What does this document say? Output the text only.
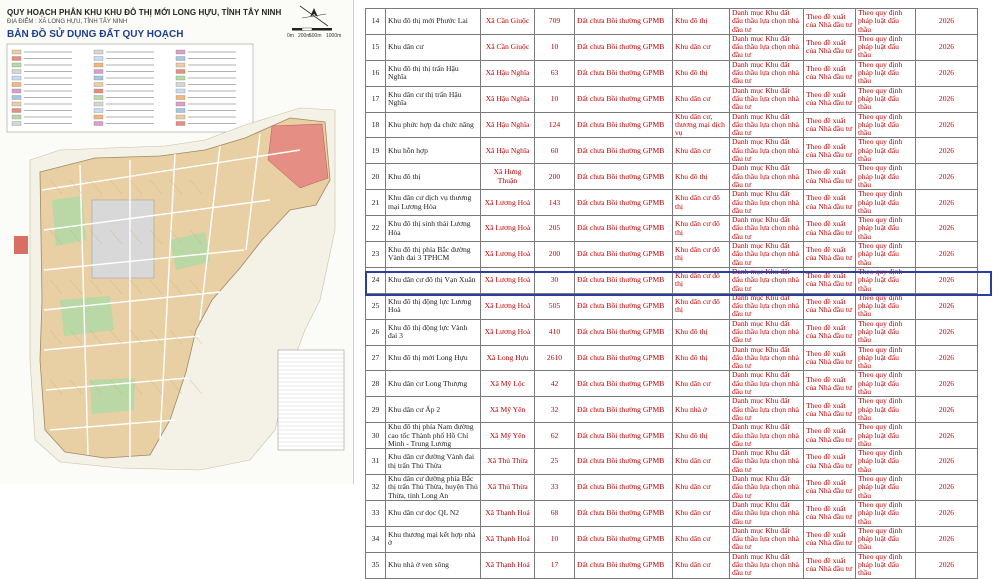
QUY HOẠCH PHÂN KHU KHU ĐÔ THỊ MỚI LONG HỰU, TỈNH TÂY NINH
ĐỊA ĐIỂM : XÃ LONG HỰU, TỈNH TÂY NINH
BẢN ĐỒ SỬ DỤNG ĐẤT QUY HOẠCH	0m 200m
500m 1000m
14	Khu đô thị mới Phước Lai	Xã Cần Giuộc	709	Đất chưa Bồi thường GPMB	Khu đô thị	Danh mục Khu đất đấu thầu lựa chọn nhà đầu tư	Theo đề xuất của Nhà đầu tư	Theo quy định pháp luật đấu thầu	2026
15	Khu dân cư	Xã Cần Giuộc	10	Đất chưa Bồi thường GPMB	Khu dân cư	Danh mục Khu đất đấu thầu lựa chọn nhà đầu tư	Theo đề xuất của Nhà đầu tư	Theo quy định pháp luật đấu thầu	2026
16	Khu đô thị thị trấn Hậu Nghĩa	Xã Hậu Nghĩa	63	Đất chưa Bồi thường GPMB	Khu đô thị	Danh mục Khu đất đấu thầu lựa chọn nhà đầu tư	Theo đề xuất của Nhà đầu tư	Theo quy định pháp luật đấu thầu	2026
17	Khu dân cư thị trấn Hậu Nghĩa	Xã Hậu Nghĩa	10	Đất chưa Bồi thường GPMB	Khu dân cư	Danh mục Khu đất đấu thầu lựa chọn nhà đầu tư	Theo đề xuất của Nhà đầu tư	Theo quy định pháp luật đấu thầu	2026
18	Khu phức hợp đa chức năng	Xã Hậu Nghĩa	124	Đất chưa Bồi thường GPMB	Khu dân cư, thương mại dịch vụ	Danh mục Khu đất đấu thầu lựa chọn nhà đầu tư	Theo đề xuất của Nhà đầu tư	Theo quy định pháp luật đấu thầu	2026
19	Khu hỗn hợp	Xã Hậu Nghĩa	60	Đất chưa Bồi thường GPMB	Khu dân cư	Danh mục Khu đất đấu thầu lựa chọn nhà đầu tư	Theo đề xuất của Nhà đầu tư	Theo quy định pháp luật đấu thầu	2026
20	Khu đô thị	Xã Hưng Thuận	200	Đất chưa Bồi thường GPMB	Khu đô thị	Danh mục Khu đất đấu thầu lựa chọn nhà đầu tư	Theo đề xuất của Nhà đầu tư	Theo quy định pháp luật đấu thầu	2026
21	Khu dân cư dịch vụ thương mại Lương Hòa	Xã Lương Hoà	143	Đất chưa Bồi thường GPMB	Khu dân cư đô thị	Danh mục Khu đất đấu thầu lựa chọn nhà đầu tư	Theo đề xuất của Nhà đầu tư	Theo quy định pháp luật đấu thầu	2026
22	Khu đô thị sinh thái Lương Hòa	Xã Lương Hoà	205	Đất chưa Bồi thường GPMB	Khu dân cư đô thị	Danh mục Khu đất đấu thầu lựa chọn nhà đầu tư	Theo đề xuất của Nhà đầu tư	Theo quy định pháp luật đấu thầu	2026
23	Khu đô thị phía Bắc đường Vành đai 3 TPHCM	Xã Lương Hoà	200	Đất chưa Bồi thường GPMB	Khu dân cư đô thị	Danh mục Khu đất đấu thầu lựa chọn nhà đầu tư	Theo đề xuất của Nhà đầu tư	Theo quy định pháp luật đấu thầu	2026
24	Khu dân cư đô thị Vạn Xuân	Xã Lương Hoà	30	Đất chưa Bồi thường GPMB	Khu dân cư đô thị	Danh mục Khu đất đấu thầu lựa chọn nhà đầu tư	Theo đề xuất của Nhà đầu tư	Theo quy định pháp luật đấu thầu	2026
25	Khu đô thị động lực Lương Hoà	Xã Lương Hoà	505	Đất chưa Bồi thường GPMB	Khu dân cư đô thị	Danh mục Khu đất đấu thầu lựa chọn nhà đầu tư	Theo đề xuất của Nhà đầu tư	Theo quy định pháp luật đấu thầu	2026
26	Khu đô thị động lực Vành đai 3	Xã Lương Hoà	410	Đất chưa Bồi thường GPMB	Khu đô thị	Danh mục Khu đất đấu thầu lựa chọn nhà đầu tư	Theo đề xuất của Nhà đầu tư	Theo quy định pháp luật đấu thầu	2026
27	Khu đô thị mới Long Hựu	Xã Long Hựu	2610	Đất chưa Bồi thường GPMB	Khu đô thị	Danh mục Khu đất đấu thầu lựa chọn nhà đầu tư	Theo đề xuất của Nhà đầu tư	Theo quy định pháp luật đấu thầu	2026
28	Khu dân cư Long Thượng	Xã Mỹ Lộc	42	Đất chưa Bồi thường GPMB	Khu dân cư	Danh mục Khu đất đấu thầu lựa chọn nhà đầu tư	Theo đề xuất của Nhà đầu tư	Theo quy định pháp luật đấu thầu	2026
29	Khu dân cư Ấp 2	Xã Mỹ Yên	32	Đất chưa Bồi thường GPMB	Khu nhà ở	Danh mục Khu đất đấu thầu lựa chọn nhà đầu tư	Theo đề xuất của Nhà đầu tư	Theo quy định pháp luật đấu thầu	2026
30	Khu đô thị phía Nam đường cao tốc Thành phố Hồ Chí Minh - Trung Lương	Xã Mỹ Yên	62	Đất chưa Bồi thường GPMB	Khu đô thị	Danh mục Khu đất đấu thầu lựa chọn nhà đầu tư	Theo đề xuất của Nhà đầu tư	Theo quy định pháp luật đấu thầu	2026
31	Khu dân cư đường Vành đai thị trấn Thủ Thừa	Xã Thủ Thừa	25	Đất chưa Bồi thường GPMB	Khu dân cư	Danh mục Khu đất đấu thầu lựa chọn nhà đầu tư	Theo đề xuất của Nhà đầu tư	Theo quy định pháp luật đấu thầu	2026
32	Khu dân cư đường phía Bắc thị trấn Thủ Thừa, huyện Thủ Thừa, tỉnh Long An	Xã Thủ Thừa	33	Đất chưa Bồi thường GPMB	Khu dân cư	Danh mục Khu đất đấu thầu lựa chọn nhà đầu tư	Theo đề xuất của Nhà đầu tư	Theo quy định pháp luật đấu thầu	2026
33	Khu dân cư dọc QL N2	Xã Thạnh Hoá	68	Đất chưa Bồi thường GPMB	Khu dân cư	Danh mục Khu đất đấu thầu lựa chọn nhà đầu tư	Theo đề xuất của Nhà đầu tư	Theo quy định pháp luật đấu thầu	2026
34	Khu thương mại kết hợp nhà ở	Xã Thạnh Hoá	10	Đất chưa Bồi thường GPMB	Khu dân cư	Danh mục Khu đất đấu thầu lựa chọn nhà đầu tư	Theo đề xuất của Nhà đầu tư	Theo quy định pháp luật đấu thầu	2026
35	Khu nhà ở ven sông	Xã Thạnh Hoá	17	Đất chưa Bồi thường GPMB	Khu dân cư	Danh mục Khu đất đấu thầu lựa chọn nhà đầu tư	Theo đề xuất của Nhà đầu tư	Theo quy định pháp luật đấu thầu	2026
